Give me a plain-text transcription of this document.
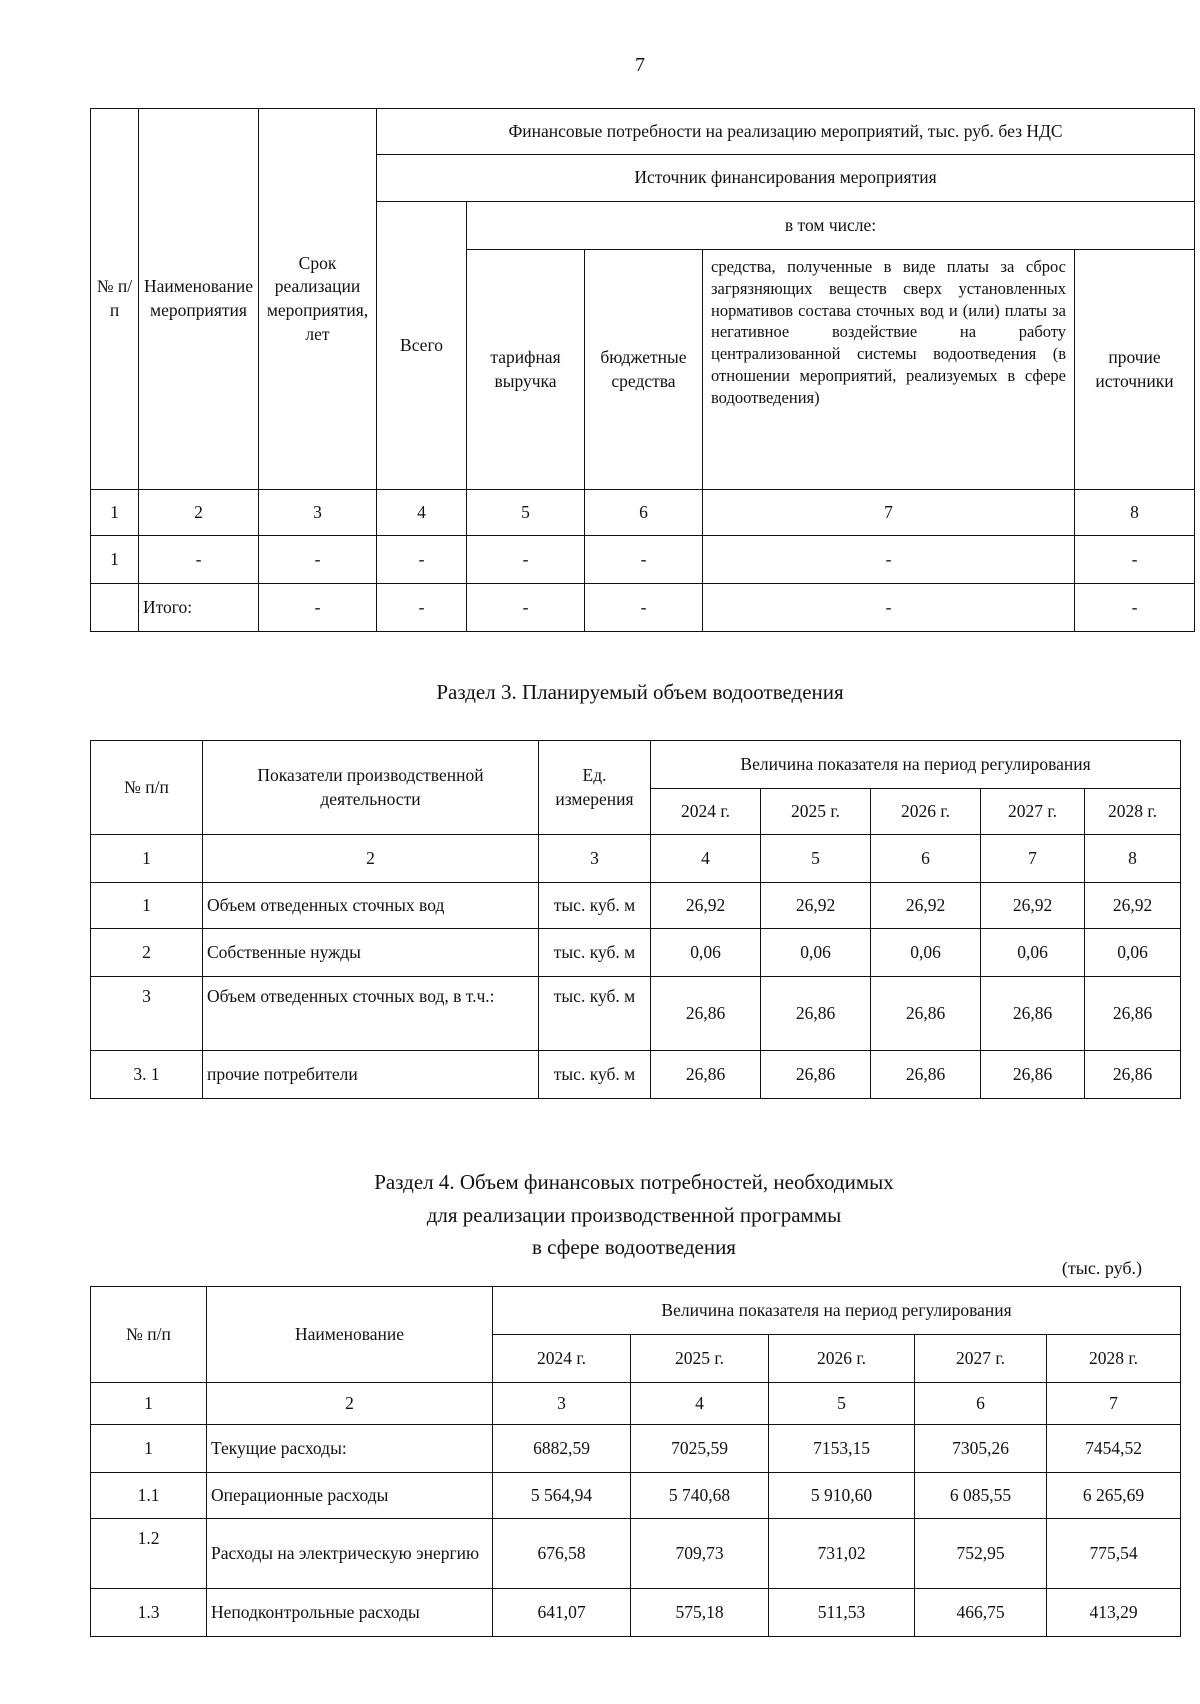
7
№ п/п	Наименование мероприятия	Срок реализации мероприятия, лет	Финансовые потребности на реализацию мероприятий, тыс. руб. без НДС				
			Источник финансирования мероприятия				
			Всего	в том числе:			
				тарифная выручка	бюджетные средства	средства, полученные в виде платы за сброс загрязняющих веществ сверх установленных нормативов состава сточных вод и (или) платы за негативное воздействие на работу централизованной системы водоотведения (в отношении мероприятий, реализуемых в сфере водоотведения)	прочие источники
1	2	3	4	5	6	7	8
1	-	-	-	-	-	-	-
	Итого:	-	-	-	-	-	-
Раздел 3. Планируемый объем водоотведения
№ п/п	Показатели производственной деятельности	Ед. измерения	Величина показателя на период регулирования				
			2024 г.	2025 г.	2026 г.	2027 г.	2028 г.
1	2	3	4	5	6	7	8
1	Объем отведенных сточных вод	тыс. куб. м	26,92	26,92	26,92	26,92	26,92
2	Собственные нужды	тыс. куб. м	0,06	0,06	0,06	0,06	0,06
3	Объем отведенных сточных вод, в т.ч.:	тыс. куб. м	26,86	26,86	26,86	26,86	26,86
3. 1	прочие потребители	тыс. куб. м	26,86	26,86	26,86	26,86	26,86
Раздел 4. Объем финансовых потребностей, необходимых
для реализации производственной программы
в сфере водоотведения
(тыс. руб.)
№ п/п	Наименование	Величина показателя на период регулирования				
		2024 г.	2025 г.	2026 г.	2027 г.	2028 г.
1	2	3	4	5	6	7
1	Текущие расходы:	6882,59	7025,59	7153,15	7305,26	7454,52
1.1	Операционные расходы	5 564,94	5 740,68	5 910,60	6 085,55	6 265,69
1.2	Расходы на электрическую энергию	676,58	709,73	731,02	752,95	775,54
1.3	Неподконтрольные расходы	641,07	575,18	511,53	466,75	413,29
